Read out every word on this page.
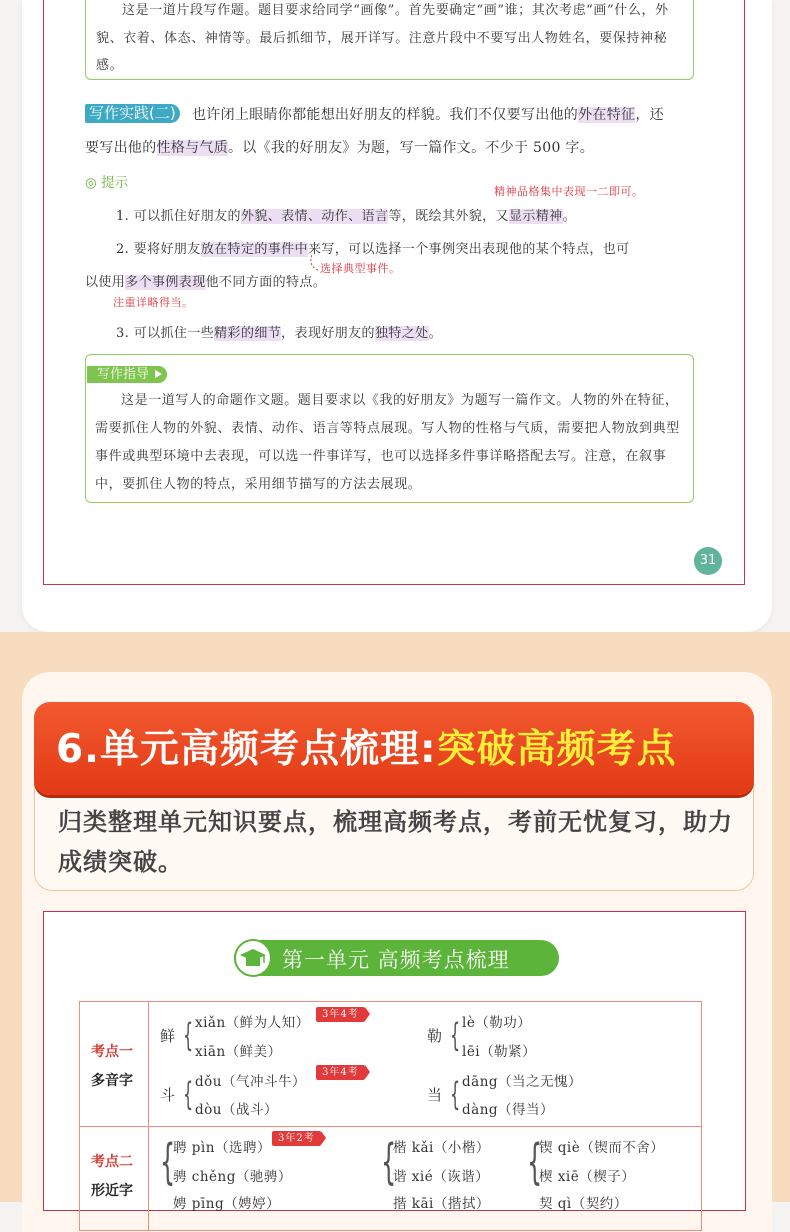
这是一道片段写作题。题目要求给同学“画像”。首先要确定“画”谁；其次考虑“画”什么，外貌、衣着、体态、神情等。最后抓细节，展开详写。注意片段中不要写出人物姓名，要保持神秘感。

写作实践(二) 也许闭上眼睛你都能想出好朋友的样貌。我们不仅要写出他的外在特征，还
要写出他的性格与气质。以《我的好朋友》为题，写一篇作文。不少于 500 字。
◎ 提示
精神品格集中表现一二即可。
1. 可以抓住好朋友的外貌、表情、动作、语言等，既绘其外貌，又显示精神。
2. 要将好朋友放在特定的事件中来写，可以选择一个事例突出表现他的某个特点，也可
以使用多个事例表现他不同方面的特点。
选择典型事件。
注重详略得当。
3. 可以抓住一些精彩的细节，表现好朋友的独特之处。
写作指导

这是一道写人的命题作文题。题目要求以《我的好朋友》为题写一篇作文。人物的外在特征，需要抓住人物的外貌、表情、动作、语言等特点展现。写人物的性格与气质，需要把人物放到典型事件或典型环境中去表现，可以选一件事详写，也可以选择多件事详略搭配去写。注意，在叙事中，要抓住人物的特点，采用细节描写的方法去展现。

31
6.单元高频考点梳理:突破高频考点

归类整理单元知识要点，梳理高频考点，考前无忧复习，助力成绩突破。

第一单元 高频考点梳理
考点一
多音字
考点二
形近字
鲜 { xiǎn（鲜为人知）
xiān（鲜美）
3年4考
勒 { lè（勒功）
lēi（勒紧）
斗 { dǒu（气冲斗牛）
dòu（战斗）
3年4考
当 { dāng（当之无愧）
dàng（得当）
{
聘 pìn（选聘）
骋 chěng（驰骋）
娉 pīng（娉婷）
3年2考 {
楷 kǎi（小楷）
谐 xié（诙谐）
揩 kāi（揩拭）
{
锲 qiè（锲而不舍）
楔 xiē（楔子）
契 qì（契约）
